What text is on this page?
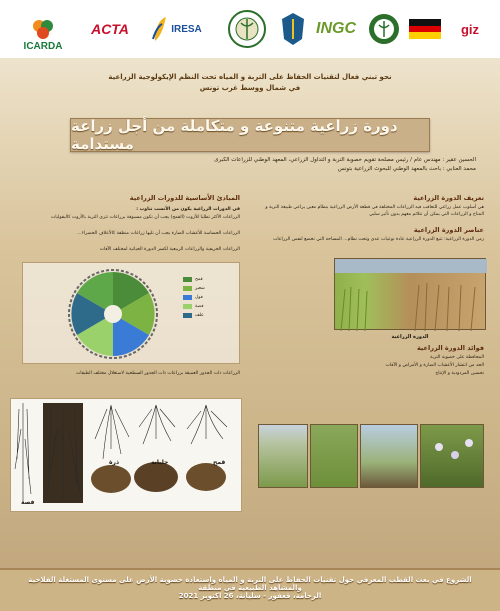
ICARDA
ACTA	IRESA	INGC	giz
نحو تبني فعال لتقنيات الحفاظ على التربة و المياه تحت النظم الإيكولوجية الزراعية
في شمال ووسط غرب تونس
دورة زراعية متنوعة و متكاملة من أجل زراعة مستدامة
الحسين عقير : مهندس عام / رئيس مصلحة تقويم خصوبة التربة و التداول الزراعي، المعهد الوطني للزراعات الكبرى
محمد العنابي : باحث بالمعهد الوطني للبحوث الزراعية بتونس
المبادئ الأساسية للدورات الزراعية
في الدورات الزراعية يكون من الأنسب تناوب :
الزراعات الأكثر تطلبا للأزوت (القمح) يجب أن تكون مسبوقة بزراعات تثري التربة بالأزوت كالبقوليات
الزراعات الحساسة للأعشاب الضارة يجب أن تليها زراعات منظفة كالأعلاف الخضراء...
الزراعات الخريفية والزراعات الربيعية لكسر الدورة الحياتية لمختلف الآفات
قمح
شعير
فول
فصة
علف
الزراعات ذات الجذور العميقة بزراعات ذات الجذور السطحية لاستغلال مختلف الطبقات
فصة
جلبانة
ذرة	قمح
تعريف الدورة الزراعية
هي أسلوب عمل زراعي للتعاقب فيه الزراعات المختلفة في قطعة الأرض الزراعية بنظام معين يراعي طبيعة التربة و المناخ و الزراعات التي يمكن أن تتلائم معهم بدون تأثير سلبي
عناصر الدورة الزراعية
زمن الدورة الزراعية: تتبع الدورة الزراعية عادة نوعيات عدي وتحت نظام... المساحة التي تخضع لنفس الزراعات
الدورة الزراعية
فوائد الدورة الزراعية
المحافظة على خصوبة التربة
الحد من انتشار الأعشاب الضارة و الأمراض و الآفات
تحسين المردودية و الإنتاج

الشروع في بعث القطب المعرفي حول تقنيات الحفاظ على التربة و المياه واستعادة خصوبة الأرض على مستوى المستغلة الفلاحية والمشاهد الطبيعية في منطقة

الرحامة، قعفور - سليانة، 26 اكتوبر 2021
